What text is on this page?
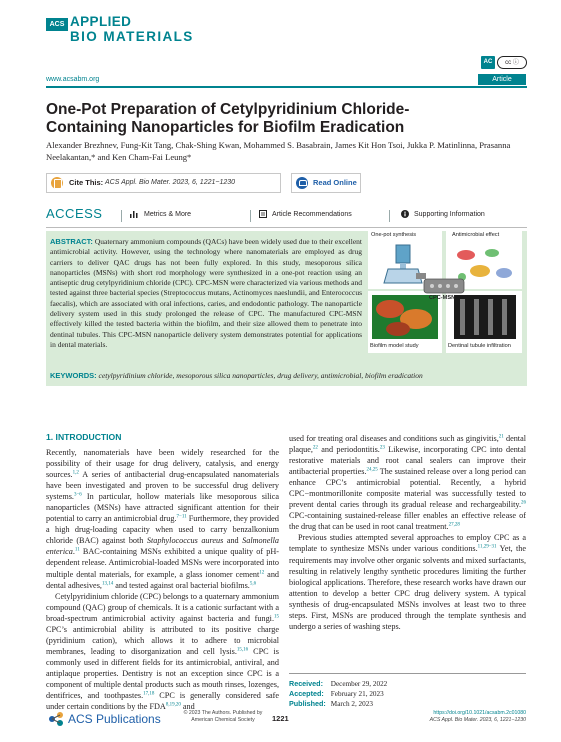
ACS APPLIED
BIO MATERIALS
www.acsabm.org
AC	cc ⓘ
Article
One-Pot Preparation of Cetylpyridinium Chloride-Containing Nanoparticles for Biofilm Eradication
Alexander Brezhnev, Fung-Kit Tang, Chak-Shing Kwan, Mohammed S. Basabrain, James Kit Hon Tsoi, Jukka P. Matinlinna, Prasanna Neelakantan,* and Ken Cham-Fai Leung*
Cite This: ACS Appl. Bio Mater. 2023, 6, 1221−1230	Read Online
ACCESS	Metrics & More	Article Recommendations	Supporting Information
ABSTRACT: Quaternary ammonium compounds (QACs) have been widely used due to their excellent antimicrobial activity. However, using the technology where nanomaterials are employed as drug carriers to deliver QAC drugs has not been fully explored. In this study, mesoporous silica nanoparticles (MSNs) with short rod morphology were synthesized in a one-pot reaction using an antiseptic drug cetylpyridinium chloride (CPC). CPC-MSN were characterized via various methods and tested against three bacterial species (Streptococcus mutans, Actinomyces naeslundii, and Enterococcus faecalis), which are associated with oral infections, caries, and endodontic pathology. The nanoparticle delivery system used in this study prolonged the release of CPC. The manufactured CPC-MSN effectively killed the tested bacteria within the biofilm, and their size allowed them to penetrate into dentinal tubules. This CPC-MSN nanoparticle delivery system demonstrates potential for applications in dental materials.
One-pot synthesis	Antimicrobial effect
Biofilm model study	Dentinal tubule infiltration
CPC-MSN
KEYWORDS: cetylpyridinium chloride, mesoporous silica nanoparticles, drug delivery, antimicrobial, biofilm eradication
1. INTRODUCTION

Recently, nanomaterials have been widely researched for the possibility of their usage for drug delivery, catalysis, and energy sources.$^{1,2}$ A series of antibacterial drug-encapsulated nanomaterials have been investigated and proven to be successful drug delivery systems.$^{3-6}$ In particular, hollow materials like mesoporous silica nanoparticles (MSNs) have attracted significant attention for their potential to carry an antimicrobial drug.$^{7-11}$ Furthermore, they provided a high drug-loading capacity when used to carry benzalkonium chloride (BAC) against both Staphylococcus aureus and Salmonella enterica.$^{11}$ BAC-containing MSNs exhibited a unique quality of pH-dependent release. Antimicrobial-loaded MSNs were incorporated into multiple dental materials, for example, a glass ionomer cement$^{12}$ and dental adhesives,$^{13,14}$ and tested against oral bacterial biofilms.$^{5,6}$

Cetylpyridinium chloride (CPC) belongs to a quaternary ammonium compound (QAC) group of chemicals. It is a cationic surfactant with a broad-spectrum antimicrobial activity against bacteria and fungi.$^{15}$ CPC’s antimicrobial ability is attributed to its positive charge (pyridinium cation), which allows it to adhere to microbial membranes, leading to disorganization and cell lysis.$^{15,16}$ CPC is commonly used in different fields for its antimicrobial, antiviral, and antiplaque properties. Dentistry is not an exception since CPC is a component of multiple dental products such as mouth rinses, lozenges, dentifrices, and toothpastes.$^{17,18}$ CPC is generally considered safe under certain conditions by the FDA$^{8,19,20}$ and

used for treating oral diseases and conditions such as gingivitis,$^{21}$ dental plaque,$^{22}$ and periodontitis.$^{23}$ Likewise, incorporating CPC into dental restorative materials and root canal sealers can improve their antibacterial properties.$^{24,25}$ The sustained release over a long period can enhance CPC’s antimicrobial potential. Recently, a hybrid CPC−montmorillonite composite material was successfully tested to prevent dental caries through its gradual release and rechargeability.$^{26}$ CPC-containing sustained-release filler enables an effective release of the drug that can be used in root canal treatment.$^{27,28}$

Previous studies attempted several approaches to employ CPC as a template to synthesize MSNs under various conditions.$^{11,29-31}$ Yet, the requirements may involve other organic solvents and mixed surfactants, resulting in relatively lengthy synthetic procedures limiting the further biological applications. Therefore, these research works have drawn our attention to develop a better CPC drug delivery system. A typical synthesis of drug-encapsulated MSNs involves at least two to three steps. First, MSNs are produced through the template synthesis and undergo a series of washing steps.

Received: December 29, 2022
Accepted: February 21, 2023
Published: March 2, 2023
ACS Publications	© 2023 The Authors. Published by
American Chemical Society	1221
https://doi.org/10.1021/acsabm.2c01080
ACS Appl. Bio Mater. 2023, 6, 1221−1230
